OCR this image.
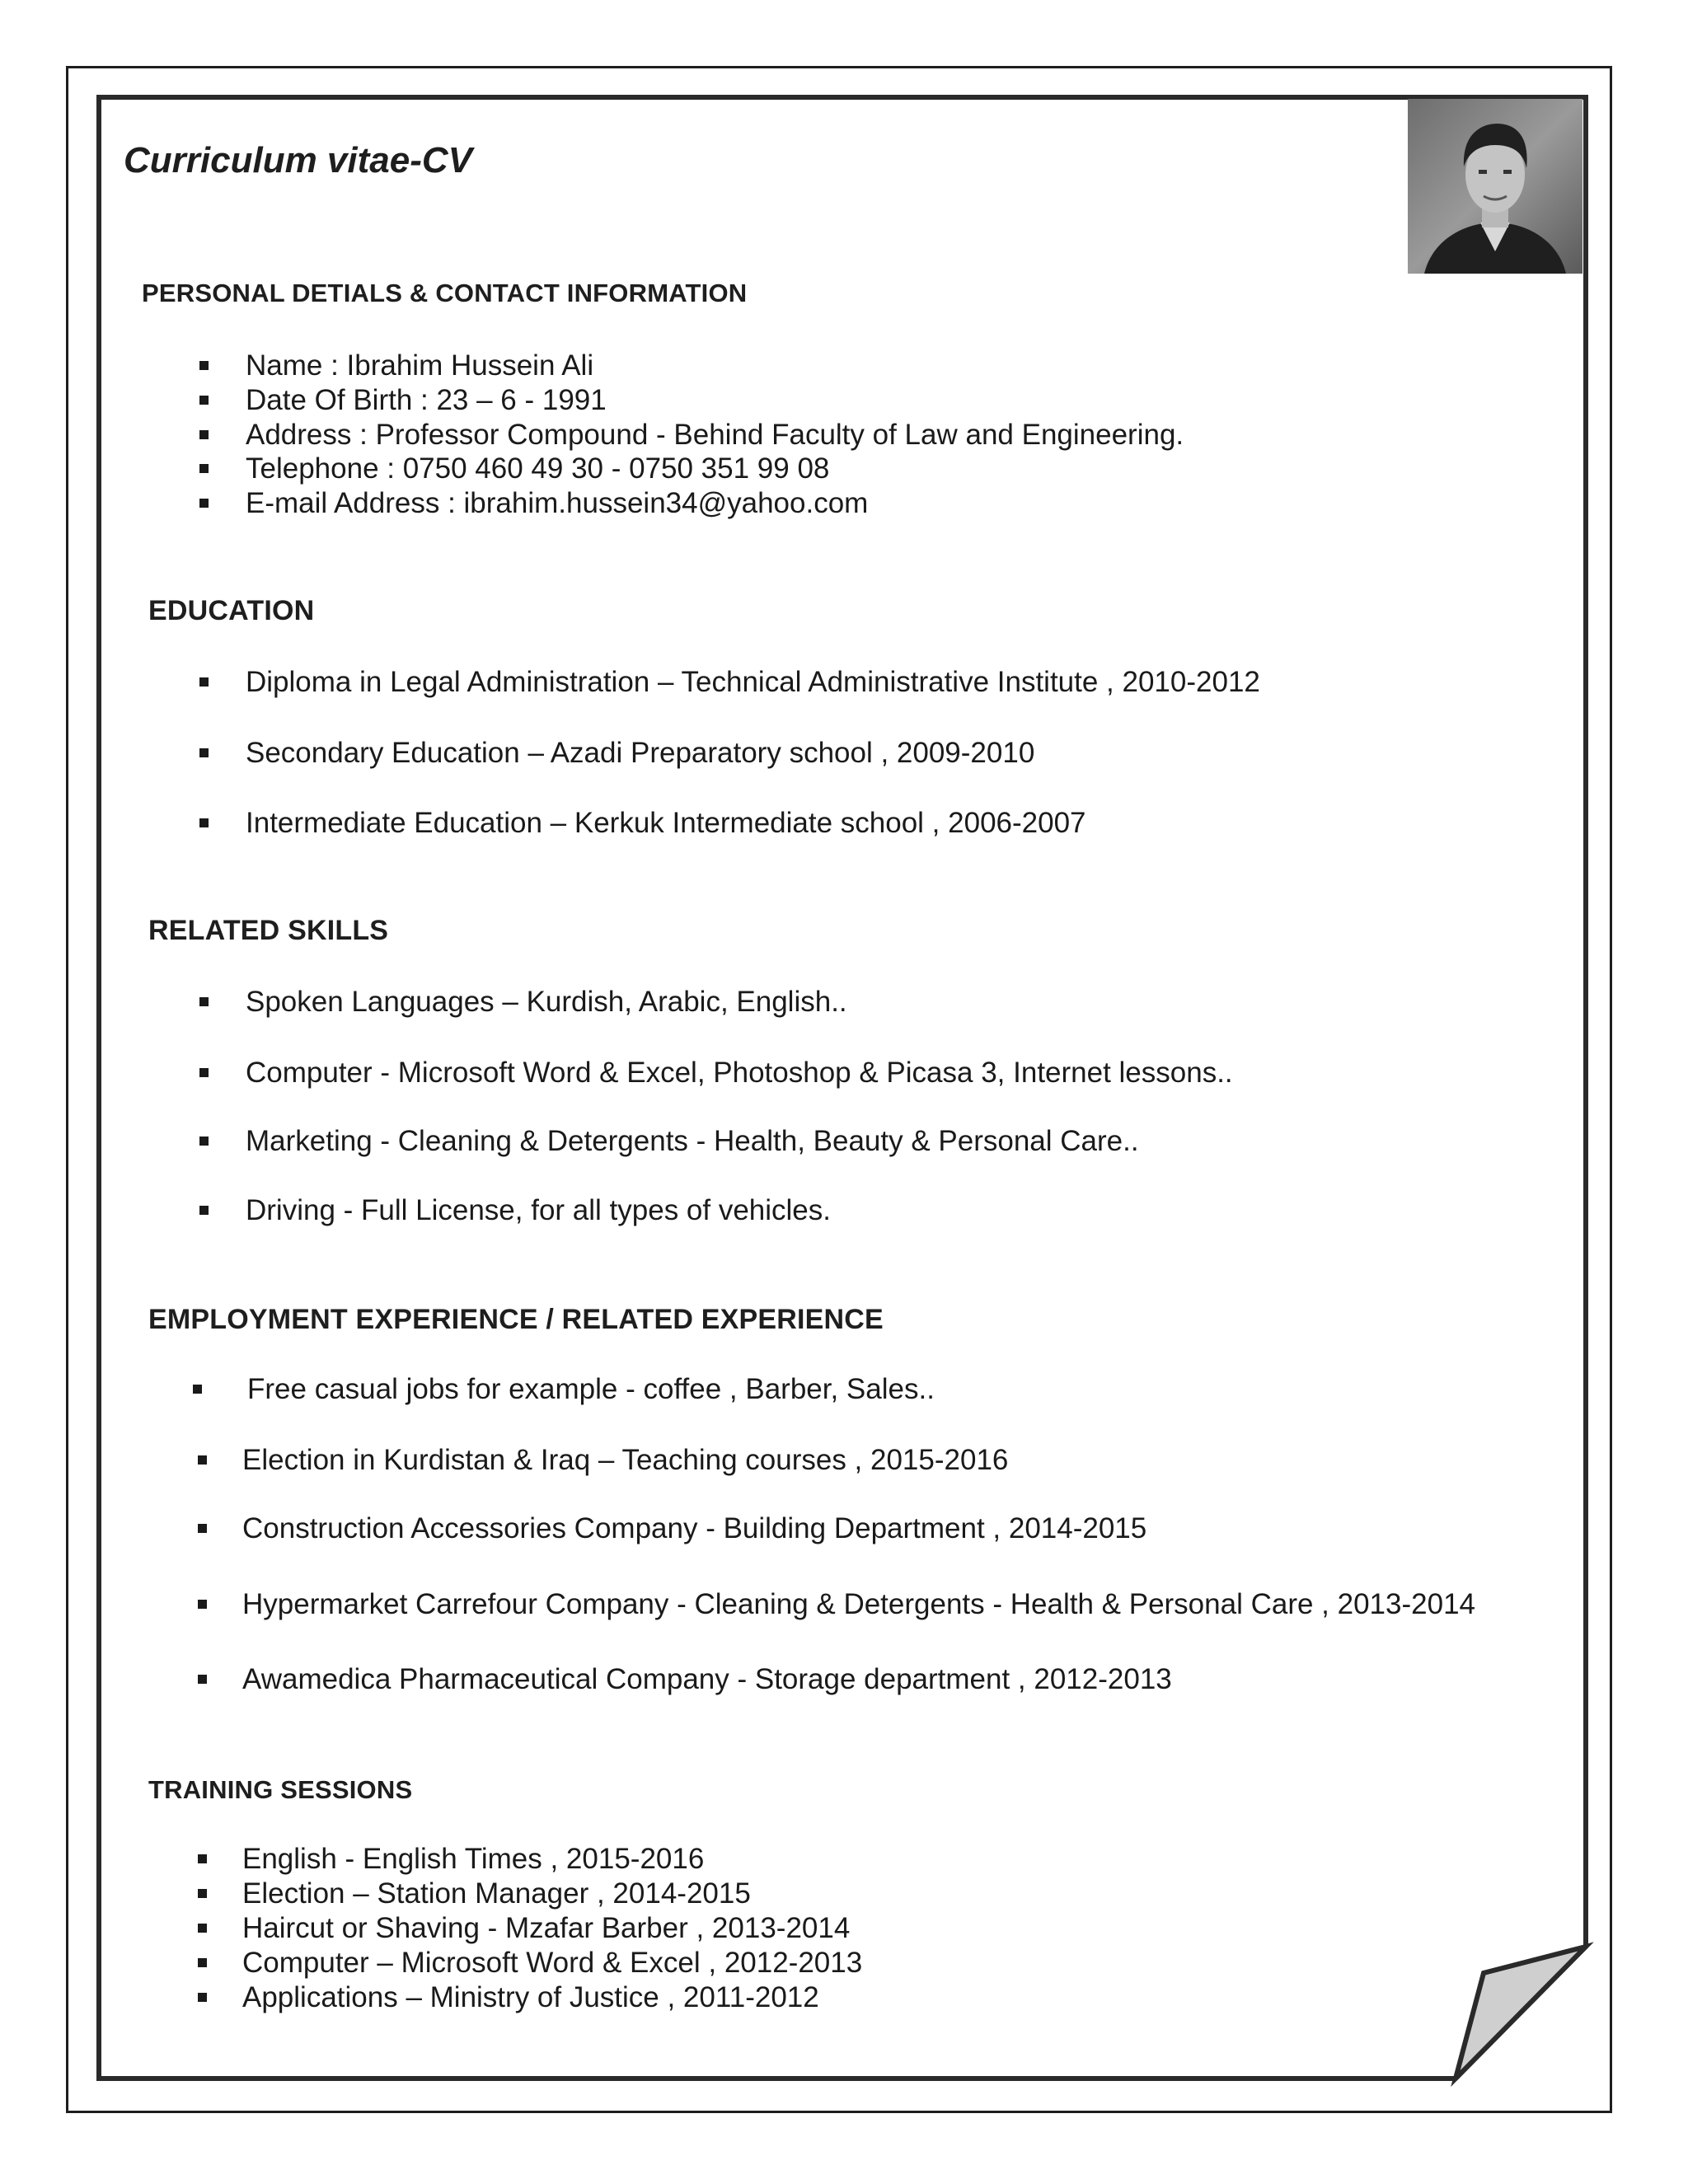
Curriculum vitae-CV
PERSONAL DETIALS & CONTACT INFORMATION
Name : Ibrahim Hussein Ali
Date Of Birth : 23 – 6 - 1991
Address : Professor Compound - Behind Faculty of Law and Engineering.
Telephone : 0750 460 49 30 - 0750 351 99 08
E-mail Address : ibrahim.hussein34@yahoo.com
EDUCATION
Diploma in Legal Administration – Technical Administrative Institute , 2010-2012
Secondary Education – Azadi Preparatory school , 2009-2010
Intermediate Education – Kerkuk Intermediate school , 2006-2007
RELATED SKILLS
Spoken Languages – Kurdish, Arabic, English..
Computer - Microsoft Word & Excel, Photoshop & Picasa 3, Internet lessons..
Marketing - Cleaning & Detergents - Health, Beauty & Personal Care..
Driving - Full License, for all types of vehicles.
EMPLOYMENT EXPERIENCE / RELATED EXPERIENCE
Free casual jobs for example - coffee , Barber, Sales..
Election in Kurdistan & Iraq – Teaching courses , 2015-2016
Construction Accessories Company - Building Department , 2014-2015
Hypermarket Carrefour Company - Cleaning & Detergents - Health & Personal Care , 2013-2014
Awamedica Pharmaceutical Company - Storage department , 2012-2013
TRAINING SESSIONS
English - English Times , 2015-2016
Election – Station Manager , 2014-2015
Haircut or Shaving - Mzafar Barber , 2013-2014
Computer – Microsoft Word & Excel , 2012-2013
Applications – Ministry of Justice , 2011-2012
